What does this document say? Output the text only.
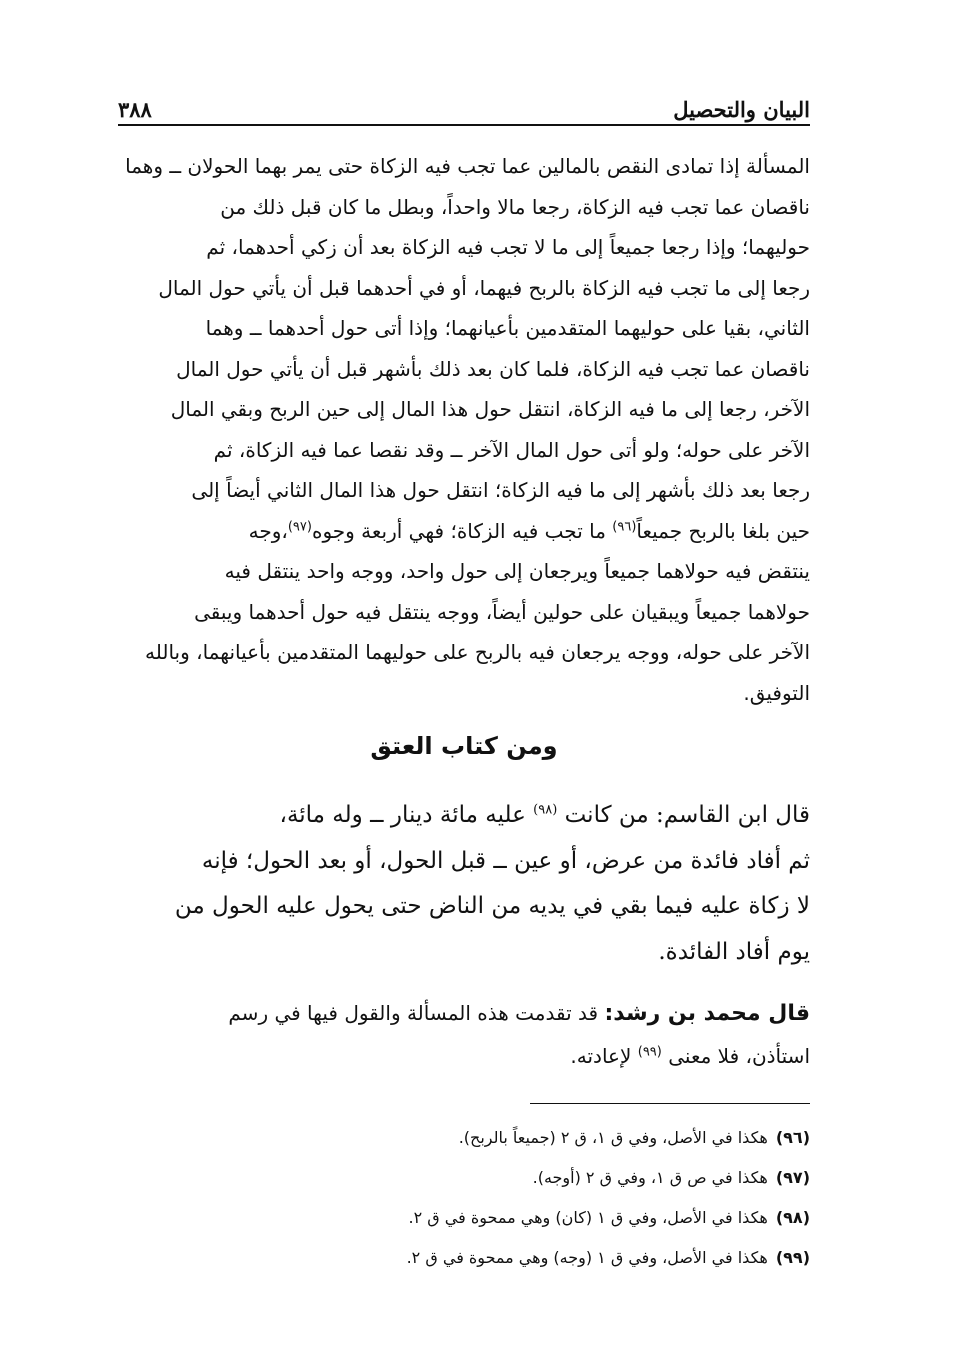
البيان والتحصيل
٣٨٨

المسألة إذا تمادى النقص بالمالين عما تجب فيه الزكاة حتى يمر بهما الحولان ــ وهما

ناقصان عما تجب فيه الزكاة، رجعا مالا واحداً، وبطل ما كان قبل ذلك من

حوليهما؛ وإذا رجعا جميعاً إلى ما لا تجب فيه الزكاة بعد أن زكي أحدهما، ثم

رجعا إلى ما تجب فيه الزكاة بالربح فيهما، أو في أحدهما قبل أن يأتي حول المال

الثاني، بقيا على حوليهما المتقدمين بأعيانهما؛ وإذا أتى حول أحدهما ــ وهما

ناقصان عما تجب فيه الزكاة، فلما كان بعد ذلك بأشهر قبل أن يأتي حول المال

الآخر، رجعا إلى ما فيه الزكاة، انتقل حول هذا المال إلى حين الربح وبقي المال

الآخر على حوله؛ ولو أتى حول المال الآخر ــ وقد نقصا عما فيه الزكاة، ثم

رجعا بعد ذلك بأشهر إلى ما فيه الزكاة؛ انتقل حول هذا المال الثاني أيضاً إلى

حين بلغا بالربح جميعاً$^{(٩٦)}$ ما تجب فيه الزكاة؛ فهي أربعة وجوه$^{(٩٧)}$،وجه

ينتقض فيه حولاهما جميعاً ويرجعان إلى حول واحد، ووجه واحد ينتقل فيه

حولاهما جميعاً ويبقيان على حولين أيضاً، ووجه ينتقل فيه حول أحدهما ويبقى

الآخر على حوله، ووجه يرجعان فيه بالربح على حوليهما المتقدمين بأعيانهما، وبالله

التوفيق.

ومن كتاب العتق
قال ابن القاسم: من كانت $^{(٩٨)}$ عليه مائة دينار ــ وله مائة،
ثم أفاد فائدة من عرض، أو عين ــ قبل الحول، أو بعد الحول؛ فإنه
لا زكاة عليه فيما بقي في يديه من الناض حتى يحول عليه الحول من
يوم أفاد الفائدة.
قال محمد بن رشد: قد تقدمت هذه المسألة والقول فيها في رسم
استأذن، فلا معنى $^{(٩٩)}$ لإعادته.
(٩٦)
هكذا في الأصل، وفي ق ١، ق ٢ (جميعاً بالربح).
(٩٧)
هكذا في ص ق ١، وفي ق ٢ (أوجه).
(٩٨)
هكذا في الأصل، وفي ق ١ (كان) وهي ممحوة في ق ٢.
(٩٩)
هكذا في الأصل، وفي ق ١ (وجه) وهي ممحوة في ق ٢.
